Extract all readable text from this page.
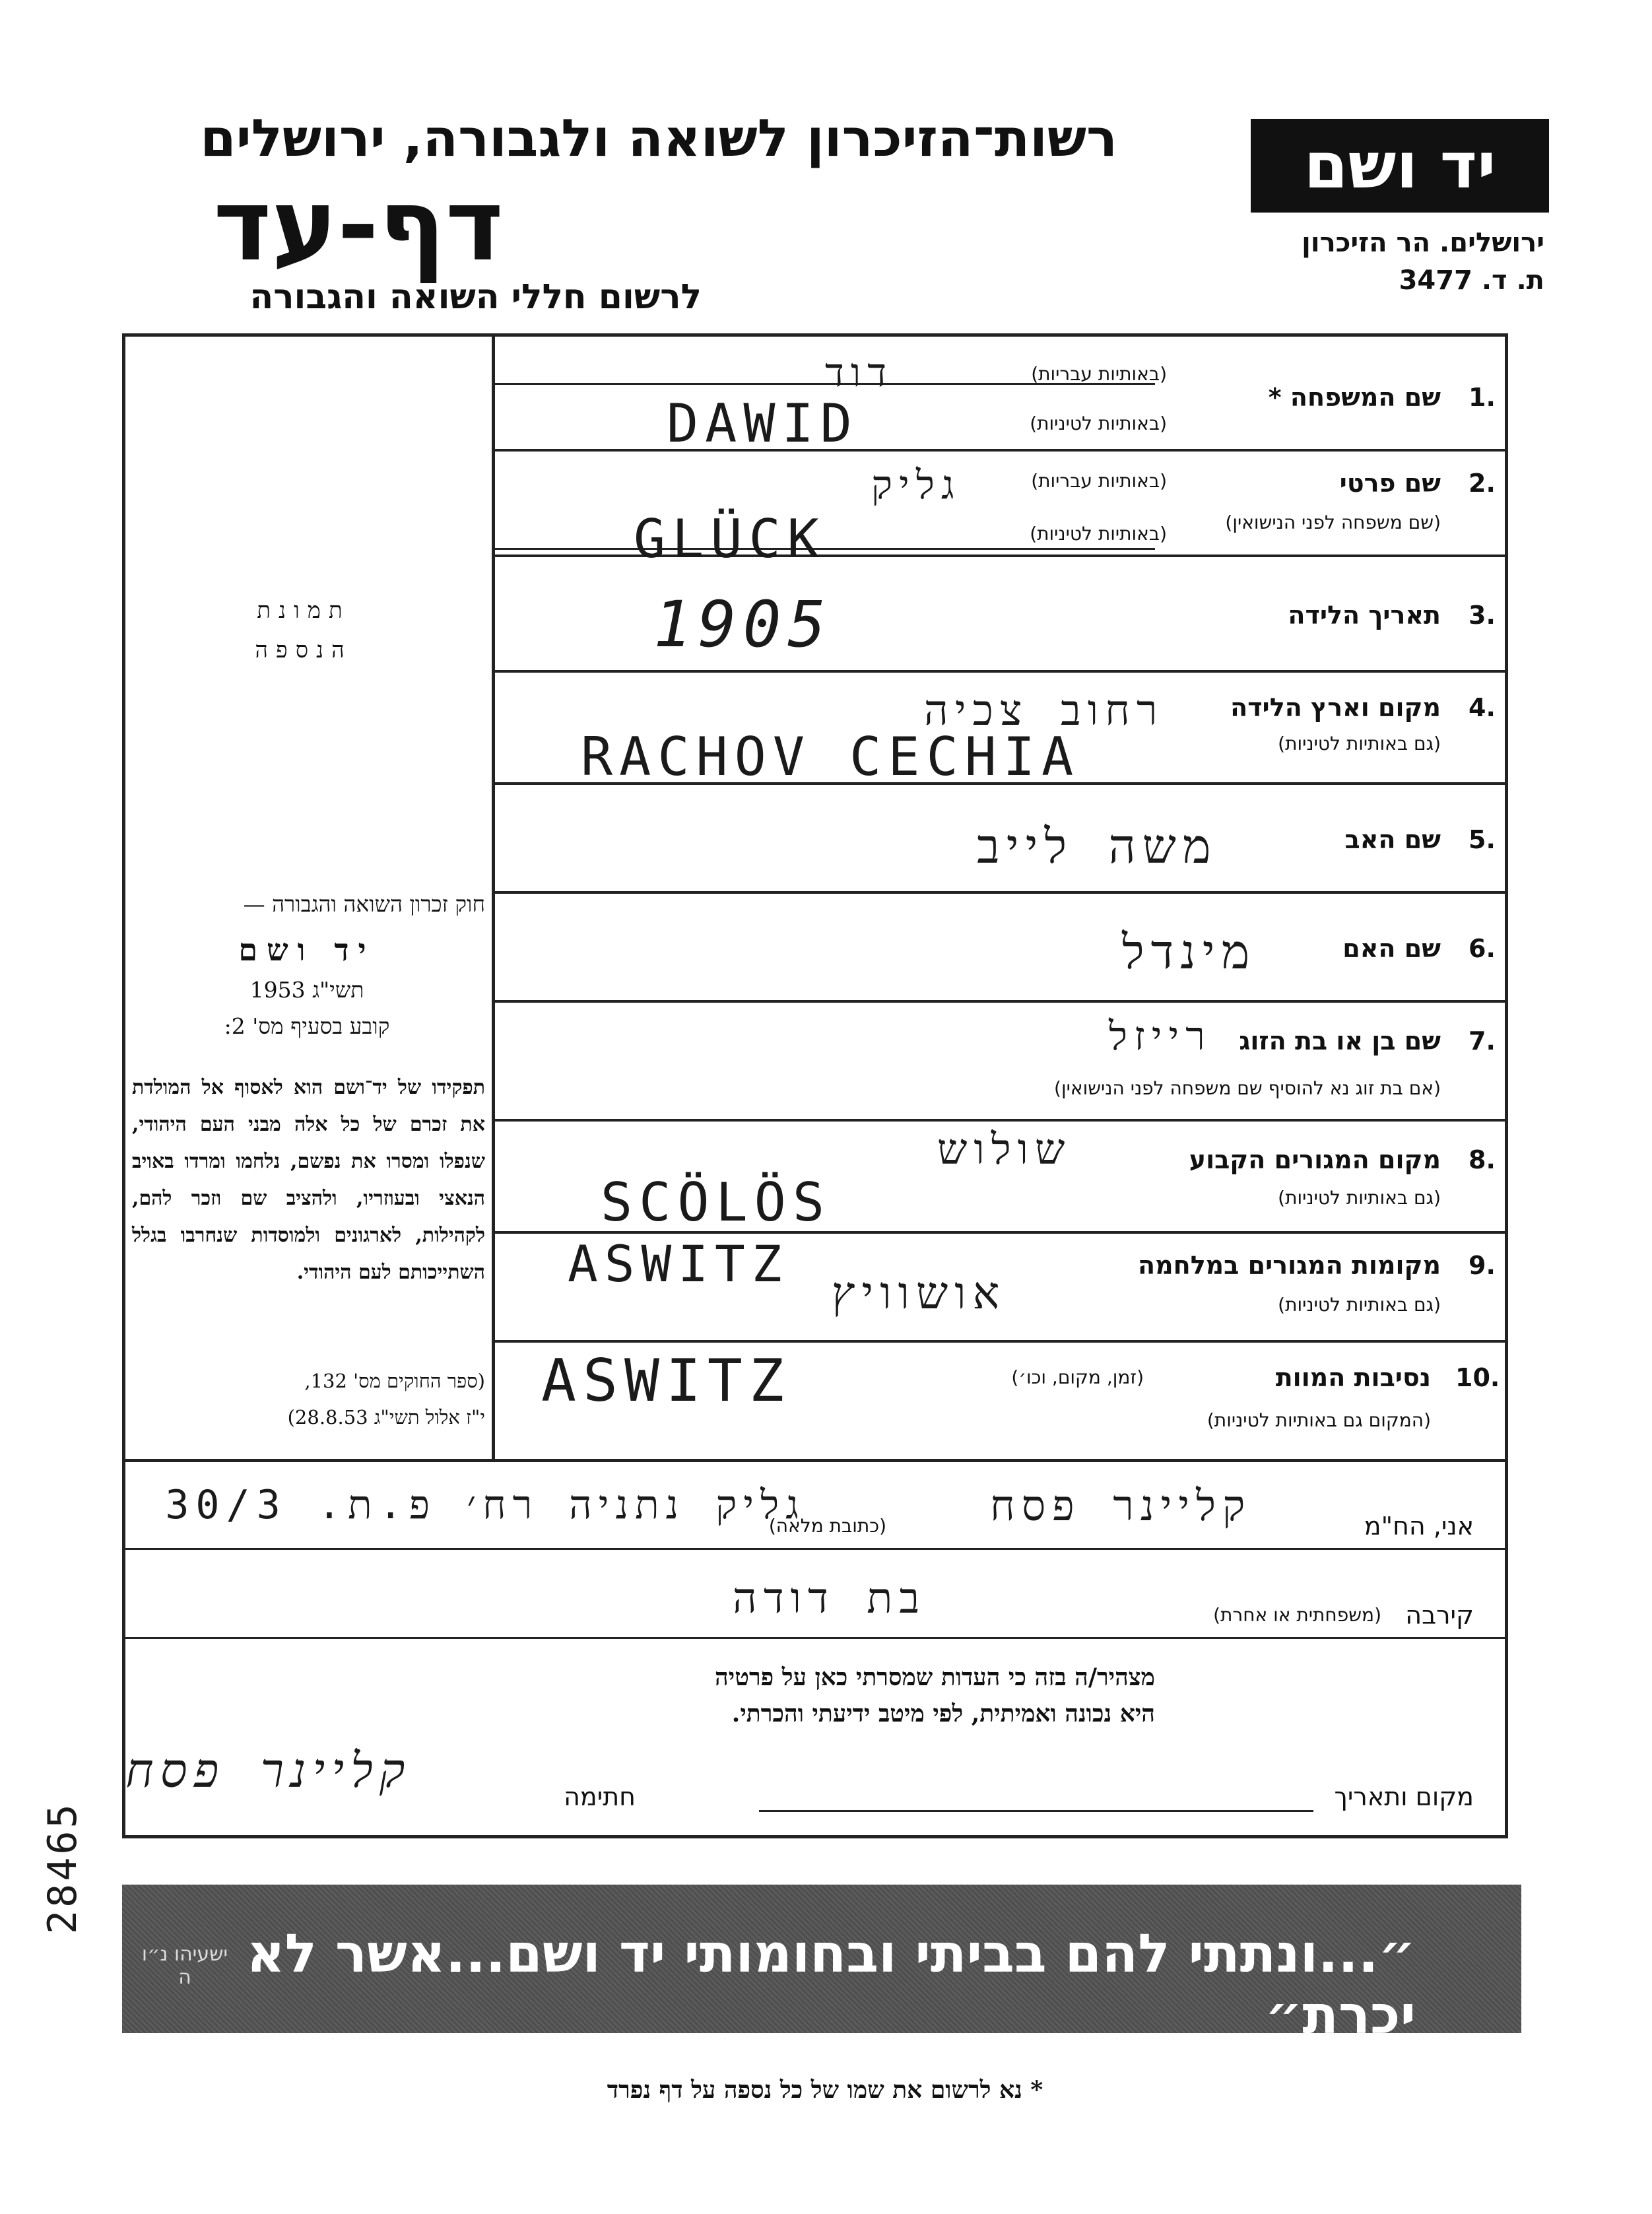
רשות־הזיכרון לשואה ולגבורה, ירושלים
דף-עד
לרשום חללי השואה והגבורה
יד ושם
ירושלים. הר הזיכרון
ת. ד. 3477
תמונת
הנספה
חוק זכרון השואה והגבורה —
יד ושם
תשי"ג 1953
קובע בסעיף מס' 2:
תפקידו של יד־ושם הוא לאסוף אל המולדת את זכרם של כל אלה מבני העם היהודי, שנפלו ומסרו את נפשם, נלחמו ומרדו באויב הנאצי ובעוזריו, ולהציב שם וזכר להם, לקהילות, לארגונים ולמוסדות שנחרבו בגלל השתייכותם לעם היהודי.
(ספר החוקים מס' 132,
י"ז אלול תשי"ג 28.8.53)
1.
שם המשפחה *
(באותיות עבריות)
(באותיות לטיניות)
דוד
DAWID
2.
שם פרטי
(שם משפחה לפני הנישואין)
(באותיות עבריות)
(באותיות לטיניות)
גליק
GLÜCK
3.
תאריך הלידה
1905
4.
מקום וארץ הלידה
(גם באותיות לטיניות)
רחוב צכיה
RACHOV CECHIA
5.
שם האב
משה לייב
6.
שם האם
מינדל
7.
שם בן או בת הזוג
(אם בת זוג נא להוסיף שם משפחה לפני הנישואין)
רייזל
8.
מקום המגורים הקבוע
(גם באותיות לטיניות)
שולוש
SCÖLÖS
9.
מקומות המגורים במלחמה
(גם באותיות לטיניות)
אושוויץ
ASWITZ
10.
נסיבות המוות
(זמן, מקום, וכו׳)
(המקום גם באותיות לטיניות)
ASWITZ
אני, הח"מ
קליינר פסח
(כתובת מלאה)
גליק נתניה רח׳ פ.ת. 30/3
קירבה
(משפחתית או אחרת)
בת דודה
מצהיר/ה בזה כי העדות שמסרתי כאן על פרטיה
היא נכונה ואמיתית, לפי מיטב ידיעתי והכרתי.
חתימה
קליינר פסח	מקום ותאריך
״...ונתתי להם בביתי ובחומותי יד ושם...אשר לא יכרת״
ישעיהו נ״ו ה
* נא לרשום את שמו של כל נספה על דף נפרד
28465
